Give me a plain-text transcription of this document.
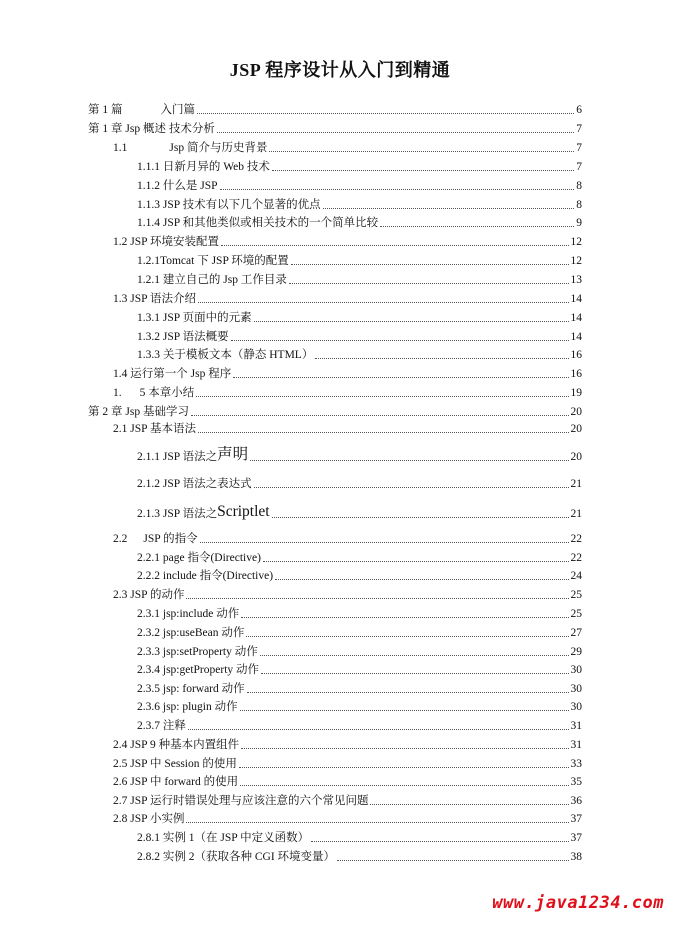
JSP 程序设计从入门到精通
第 1 篇	入门篇	6
第 1 章 Jsp 概述 技术分析	7
1.1	Jsp 简介与历史背景	7
1.1.1 日新月异的 Web 技术	7
1.1.2 什么是 JSP	8
1.1.3 JSP 技术有以下几个显著的优点	8
1.1.4 JSP 和其他类似或相关技术的一个简单比较	9
1.2 JSP 环境安装配置	12
1.2.1Tomcat 下 JSP 环境的配置	12
1.2.1 建立自己的 Jsp 工作目录	13
1.3 JSP 语法介绍	14
1.3.1 JSP 页面中的元素	14
1.3.2 JSP 语法概要	14
1.3.3 关于模板文本（静态 HTML）	16
1.4 运行第一个 Jsp 程序	16
1. 5 本章小结	19
第 2 章 Jsp 基础学习	20
2.1 JSP 基本语法	20
2.1.1 JSP 语法之 声明	20
2.1.2 JSP 语法之表达式	21
2.1.3 JSP 语法之 Scriptlet	21
2.2 JSP 的指令	22
2.2.1 page 指令(Directive)	22
2.2.2 include 指令(Directive)	24
2.3 JSP 的动作	25
2.3.1 jsp:include 动作	25
2.3.2 jsp:useBean 动作	27
2.3.3 jsp:setProperty 动作	29
2.3.4 jsp:getProperty 动作	30
2.3.5 jsp: forward 动作	30
2.3.6 jsp: plugin 动作	30
2.3.7 注释	31
2.4 JSP 9 种基本内置组件	31
2.5 JSP 中 Session 的使用	33
2.6 JSP 中 forward 的使用	35
2.7 JSP 运行时错误处理与应该注意的六个常见问题	36
2.8 JSP 小实例	37
2.8.1 实例 1（在 JSP 中定义函数）	37
2.8.2 实例 2（获取各种 CGI 环境变量）	38
www.java1234.com
